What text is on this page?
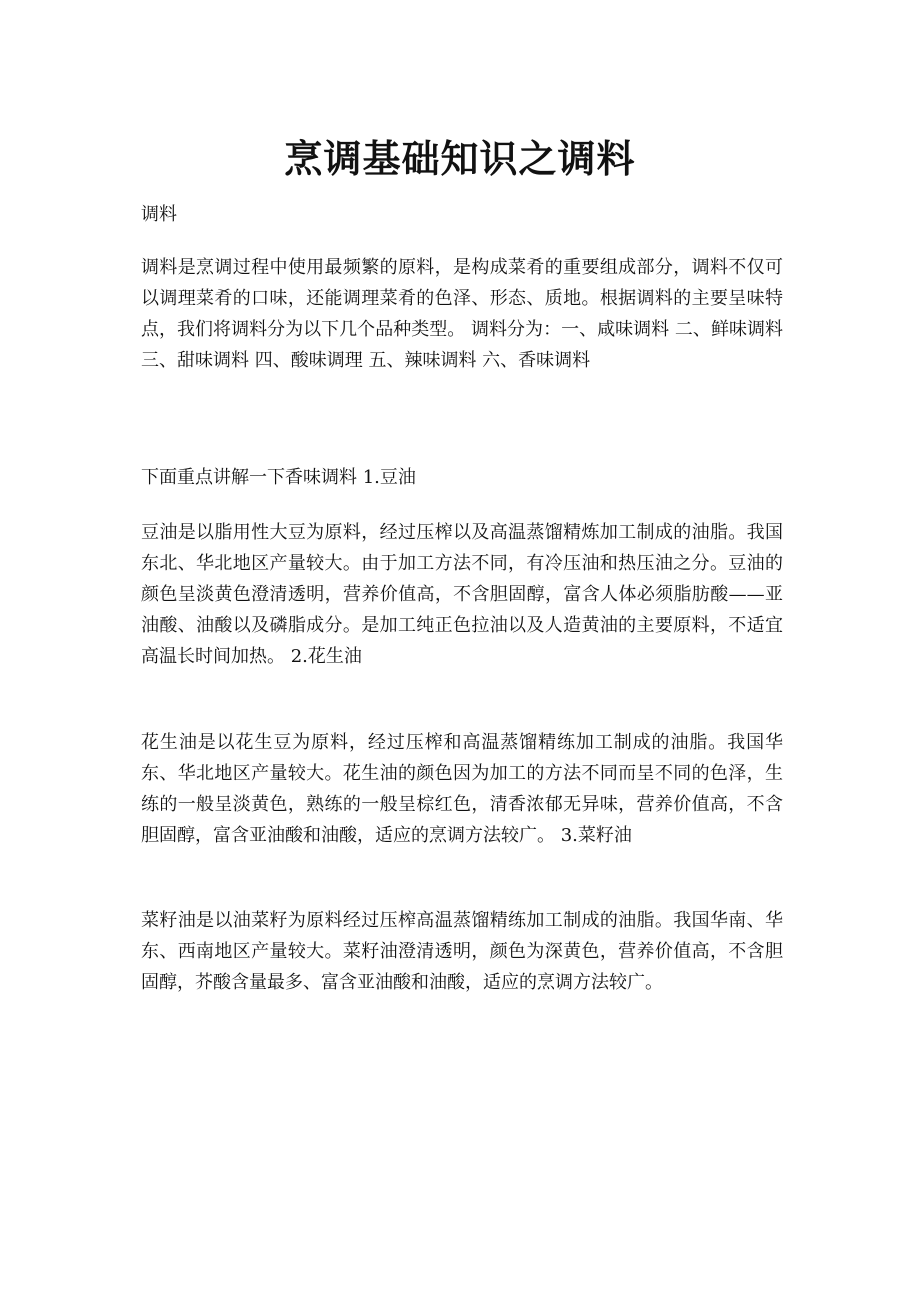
烹调基础知识之调料

调料

调料是烹调过程中使用最频繁的原料，是构成菜肴的重要组成部分，调料不仅可以调理菜肴的口味，还能调理菜肴的色泽、形态、质地。根据调料的主要呈味特点，我们将调料分为以下几个品种类型。 调料分为：一、咸味调料 二、鲜味调料 三、甜味调料 四、酸味调理 五、辣味调料 六、香味调料

下面重点讲解一下香味调料 1.豆油

豆油是以脂用性大豆为原料，经过压榨以及高温蒸馏精炼加工制成的油脂。我国东北、华北地区产量较大。由于加工方法不同，有冷压油和热压油之分。豆油的颜色呈淡黄色澄清透明，营养价值高，不含胆固醇，富含人体必须脂肪酸——亚油酸、油酸以及磷脂成分。是加工纯正色拉油以及人造黄油的主要原料，不适宜高温长时间加热。 2.花生油

花生油是以花生豆为原料，经过压榨和高温蒸馏精练加工制成的油脂。我国华东、华北地区产量较大。花生油的颜色因为加工的方法不同而呈不同的色泽，生练的一般呈淡黄色，熟练的一般呈棕红色，清香浓郁无异味，营养价值高，不含胆固醇，富含亚油酸和油酸，适应的烹调方法较广。 3.菜籽油

菜籽油是以油菜籽为原料经过压榨高温蒸馏精练加工制成的油脂。我国华南、华东、西南地区产量较大。菜籽油澄清透明，颜色为深黄色，营养价值高，不含胆固醇，芥酸含量最多、富含亚油酸和油酸，适应的烹调方法较广。
